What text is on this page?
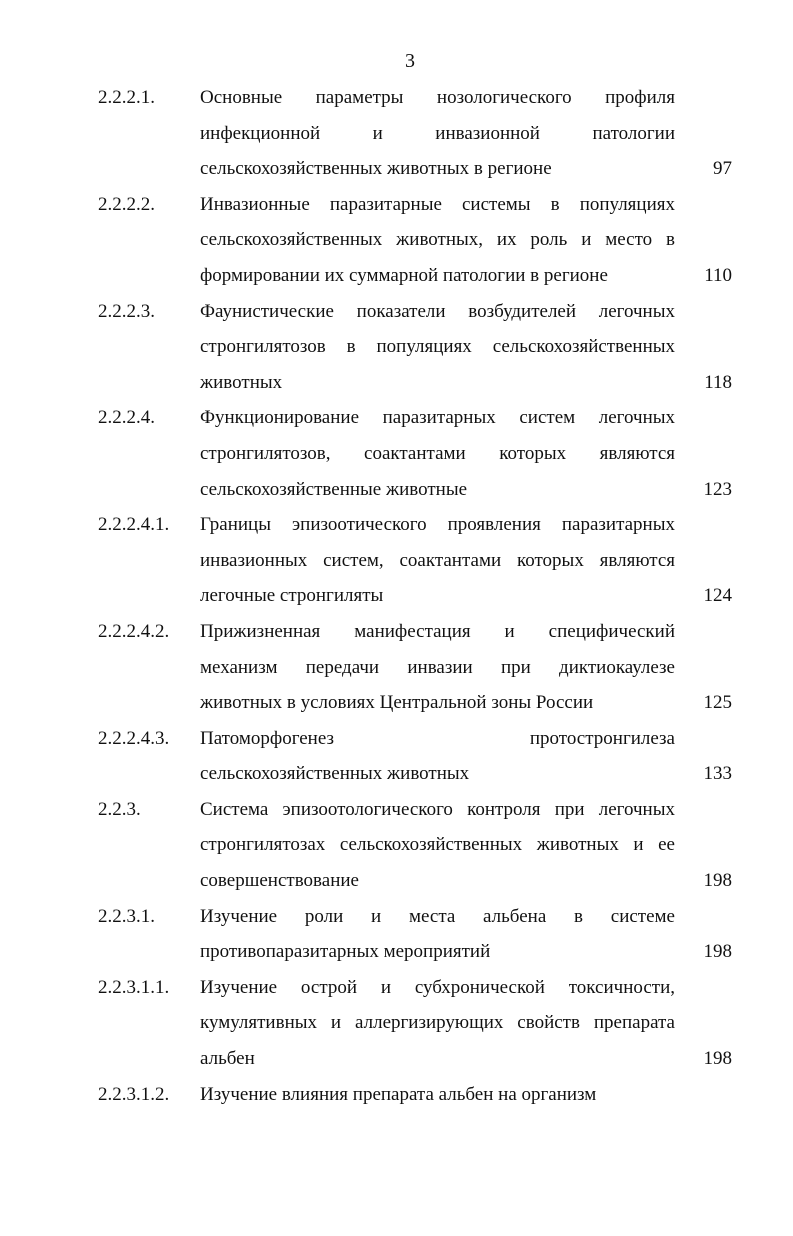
3
2.2.2.1. Основные параметры нозологического профиля
инфекционной и инвазионной патологии
сельскохозяйственных животных в регионе	97
2.2.2.2. Инвазионные паразитарные системы в популяциях
сельскохозяйственных животных, их роль и место в
формировании их суммарной патологии в регионе	110
2.2.2.3. Фаунистические показатели возбудителей легочных
стронгилятозов в популяциях сельскохозяйственных
животных	118
2.2.2.4. Функционирование паразитарных систем легочных
стронгилятозов, соактантами которых являются
сельскохозяйственные животные	123
2.2.2.4.1. Границы эпизоотического проявления паразитарных
инвазионных систем, соактантами которых являются
легочные стронгиляты	124
2.2.2.4.2. Прижизненная манифестация и специфический
механизм передачи инвазии при диктиокаулезе
животных в условиях Центральной зоны России	125
2.2.2.4.3. Патоморфогенез протостронгилеза
сельскохозяйственных животных	133
2.2.3.	Система эпизоотологического контроля при легочных
стронгилятозах сельскохозяйственных животных и ее
совершенствование	198
2.2.3.1. Изучение роли и места альбена в системе
противопаразитарных мероприятий	198
2.2.3.1.1. Изучение острой и субхронической токсичности,
кумулятивных и аллергизирующих свойств препарата
альбен	198
2.2.3.1.2. Изучение влияния препарата альбен на организм
